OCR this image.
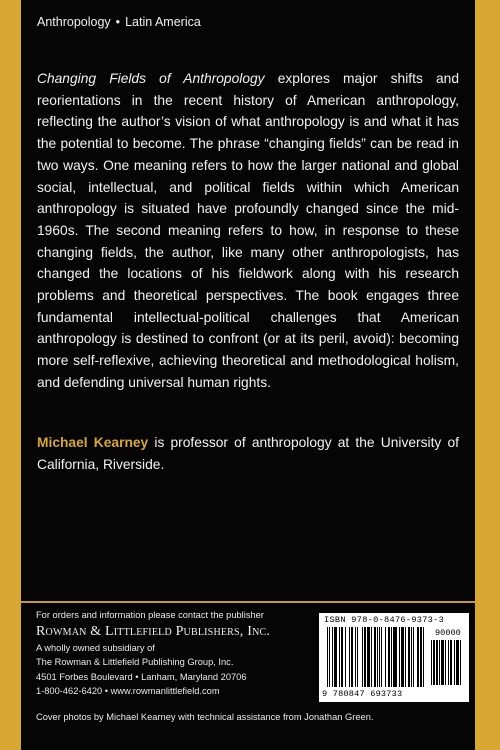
Anthropology • Latin America
Changing Fields of Anthropology explores major shifts and reorientations in the recent history of American anthropology, reflecting the author’s vision of what anthropology is and what it has the potential to become. The phrase “changing fields” can be read in two ways. One meaning refers to how the larger national and global social, intellectual, and political fields within which American anthropology is situated have profoundly changed since the mid-1960s. The second meaning refers to how, in response to these changing fields, the author, like many other anthropologists, has changed the locations of his fieldwork along with his research problems and theoretical perspectives. The book engages three fundamental intellectual-political challenges that American anthropology is destined to confront (or at its peril, avoid): becoming more self-reflexive, achieving theoretical and methodological holism, and defending universal human rights.
Michael Kearney is professor of anthropology at the University of California, Riverside.
For orders and information please contact the publisher
Rowman & Littlefield Publishers, Inc.
A wholly owned subsidiary of
The Rowman & Littlefield Publishing Group, Inc.
4501 Forbes Boulevard • Lanham, Maryland 20706
1-800-462-6420 • www.rowmanlittlefield.com
Cover photos by Michael Kearney with technical assistance from Jonathan Green.
ISBN 978-0-8476-9373-3
90000
9 780847 693733
